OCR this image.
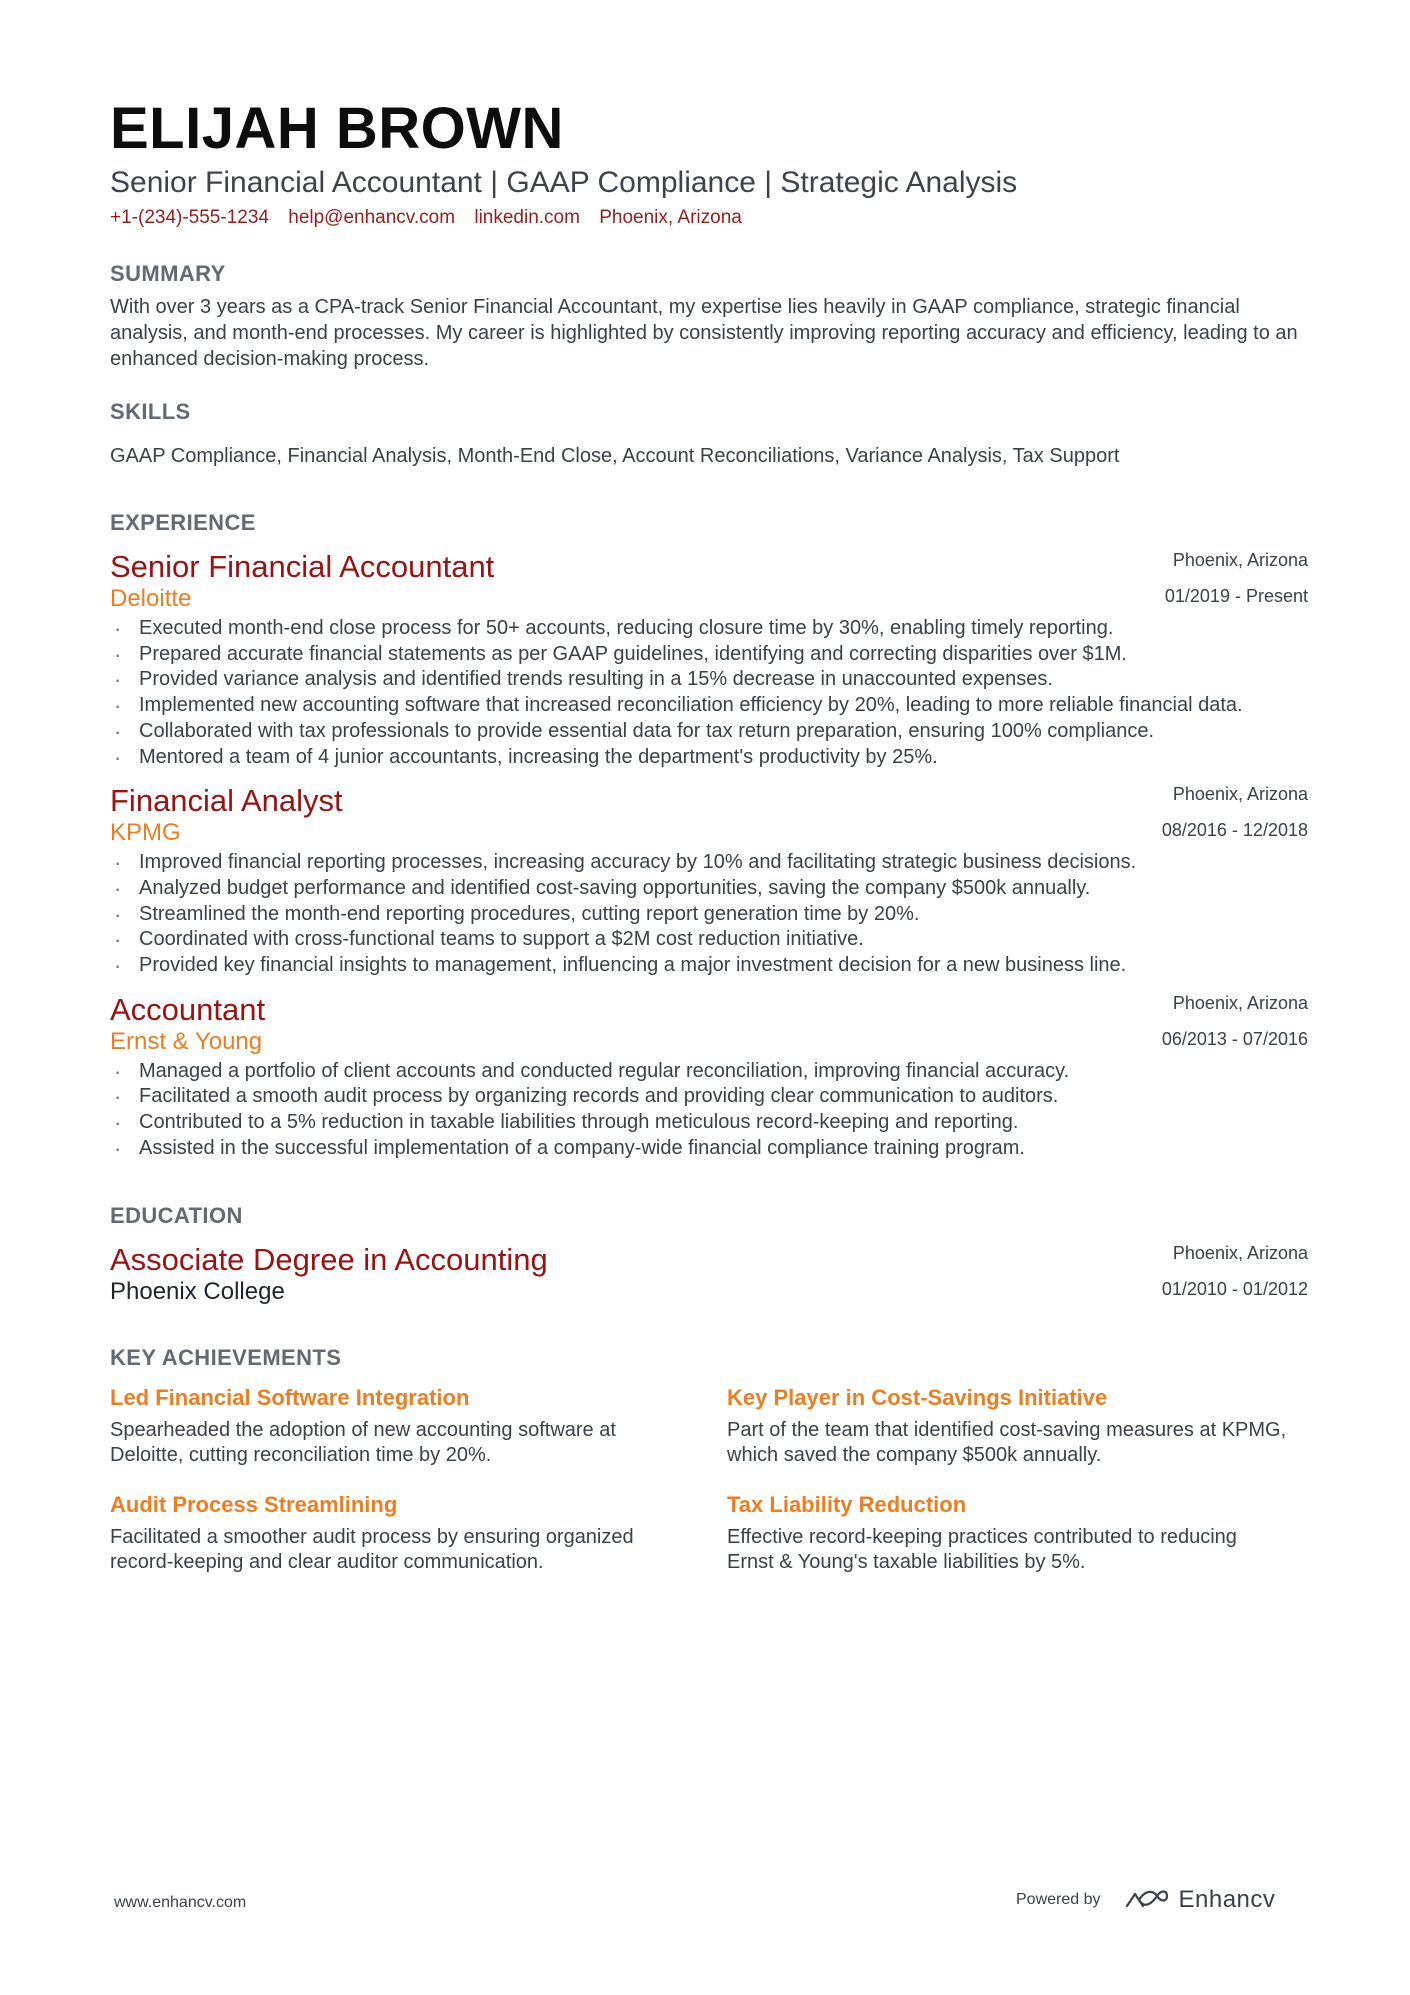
ELIJAH BROWN
Senior Financial Accountant | GAAP Compliance | Strategic Analysis
+1-(234)-555-1234 help@enhancv.com linkedin.com Phoenix, Arizona
SUMMARY
With over 3 years as a CPA-track Senior Financial Accountant, my expertise lies heavily in GAAP compliance, strategic financial analysis, and month-end processes. My career is highlighted by consistently improving reporting accuracy and efficiency, leading to an enhanced decision-making process.
SKILLS
GAAP Compliance, Financial Analysis, Month-End Close, Account Reconciliations, Variance Analysis, Tax Support
EXPERIENCE
Senior Financial Accountant
Deloitte
Phoenix, Arizona
01/2019 - Present
· Executed month-end close process for 50+ accounts, reducing closure time by 30%, enabling timely reporting.
· Prepared accurate financial statements as per GAAP guidelines, identifying and correcting disparities over $1M.
· Provided variance analysis and identified trends resulting in a 15% decrease in unaccounted expenses.
· Implemented new accounting software that increased reconciliation efficiency by 20%, leading to more reliable financial data.
· Collaborated with tax professionals to provide essential data for tax return preparation, ensuring 100% compliance.
· Mentored a team of 4 junior accountants, increasing the department's productivity by 25%.
Financial Analyst
KPMG
Phoenix, Arizona
08/2016 - 12/2018
· Improved financial reporting processes, increasing accuracy by 10% and facilitating strategic business decisions.
· Analyzed budget performance and identified cost-saving opportunities, saving the company $500k annually.
· Streamlined the month-end reporting procedures, cutting report generation time by 20%.
· Coordinated with cross-functional teams to support a $2M cost reduction initiative.
· Provided key financial insights to management, influencing a major investment decision for a new business line.
Accountant
Ernst & Young
Phoenix, Arizona
06/2013 - 07/2016
· Managed a portfolio of client accounts and conducted regular reconciliation, improving financial accuracy.
· Facilitated a smooth audit process by organizing records and providing clear communication to auditors.
· Contributed to a 5% reduction in taxable liabilities through meticulous record-keeping and reporting.
· Assisted in the successful implementation of a company-wide financial compliance training program.
EDUCATION
Associate Degree in Accounting
Phoenix College
Phoenix, Arizona
01/2010 - 01/2012
KEY ACHIEVEMENTS
Led Financial Software Integration
Spearheaded the adoption of new accounting software at Deloitte, cutting reconciliation time by 20%.
Key Player in Cost-Savings Initiative
Part of the team that identified cost-saving measures at KPMG, which saved the company $500k annually.
Audit Process Streamlining
Facilitated a smoother audit process by ensuring organized record-keeping and clear auditor communication.
Tax Liability Reduction
Effective record-keeping practices contributed to reducing Ernst & Young's taxable liabilities by 5%.
www.enhancv.com	Powered by	Enhancv
